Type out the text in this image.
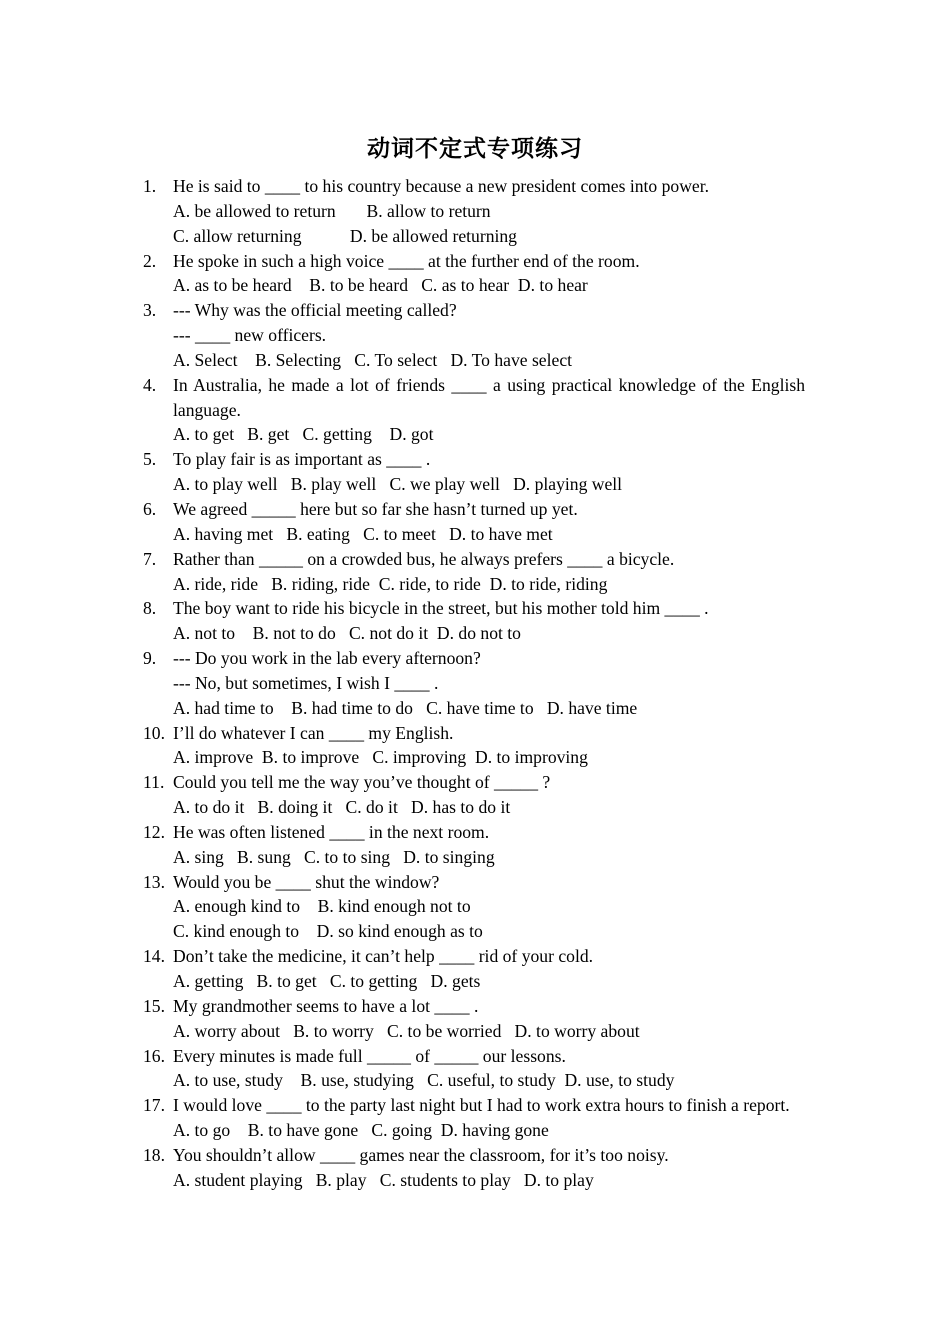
动词不定式专项练习
1. He is said to ____ to his country because a new president comes into power.
A. be allowed to return       B. allow to return
C. allow returning           D. be allowed returning
2. He spoke in such a high voice ____ at the further end of the room.
A. as to be heard    B. to be heard   C. as to hear  D. to hear
3. --- Why was the official meeting called?
--- ____ new officers.
A. Select    B. Selecting   C. To select   D. To have select
4. In Australia, he made a lot of friends ____ a using practical knowledge of the English language.
A. to get   B. get   C. getting    D. got
5. To play fair is as important as ____ .
A. to play well   B. play well   C. we play well   D. playing well
6. We agreed _____ here but so far she hasn’t turned up yet.
A. having met   B. eating   C. to meet   D. to have met
7. Rather than _____ on a crowded bus, he always prefers ____ a bicycle.
A. ride, ride   B. riding, ride  C. ride, to ride  D. to ride, riding
8. The boy want to ride his bicycle in the street, but his mother told him ____ .
A. not to    B. not to do   C. not do it  D. do not to
9. --- Do you work in the lab every afternoon?
--- No, but sometimes, I wish I ____ .
A. had time to    B. had time to do   C. have time to   D. have time
10. I’ll do whatever I can ____ my English.
A. improve  B. to improve   C. improving  D. to improving
11. Could you tell me the way you’ve thought of _____ ?
A. to do it   B. doing it   C. do it   D. has to do it
12. He was often listened ____ in the next room.
A. sing   B. sung   C. to to sing   D. to singing
13. Would you be ____ shut the window?
A. enough kind to    B. kind enough not to
C. kind enough to    D. so kind enough as to
14. Don’t take the medicine, it can’t help ____ rid of your cold.
A. getting   B. to get   C. to getting   D. gets
15. My grandmother seems to have a lot ____ .
A. worry about   B. to worry   C. to be worried   D. to worry about
16. Every minutes is made full _____ of _____ our lessons.
A. to use, study    B. use, studying   C. useful, to study  D. use, to study
17. I would love ____ to the party last night but I had to work extra hours to finish a report.
A. to go    B. to have gone   C. going  D. having gone
18. You shouldn’t allow ____ games near the classroom, for it’s too noisy.
A. student playing   B. play   C. students to play   D. to play
